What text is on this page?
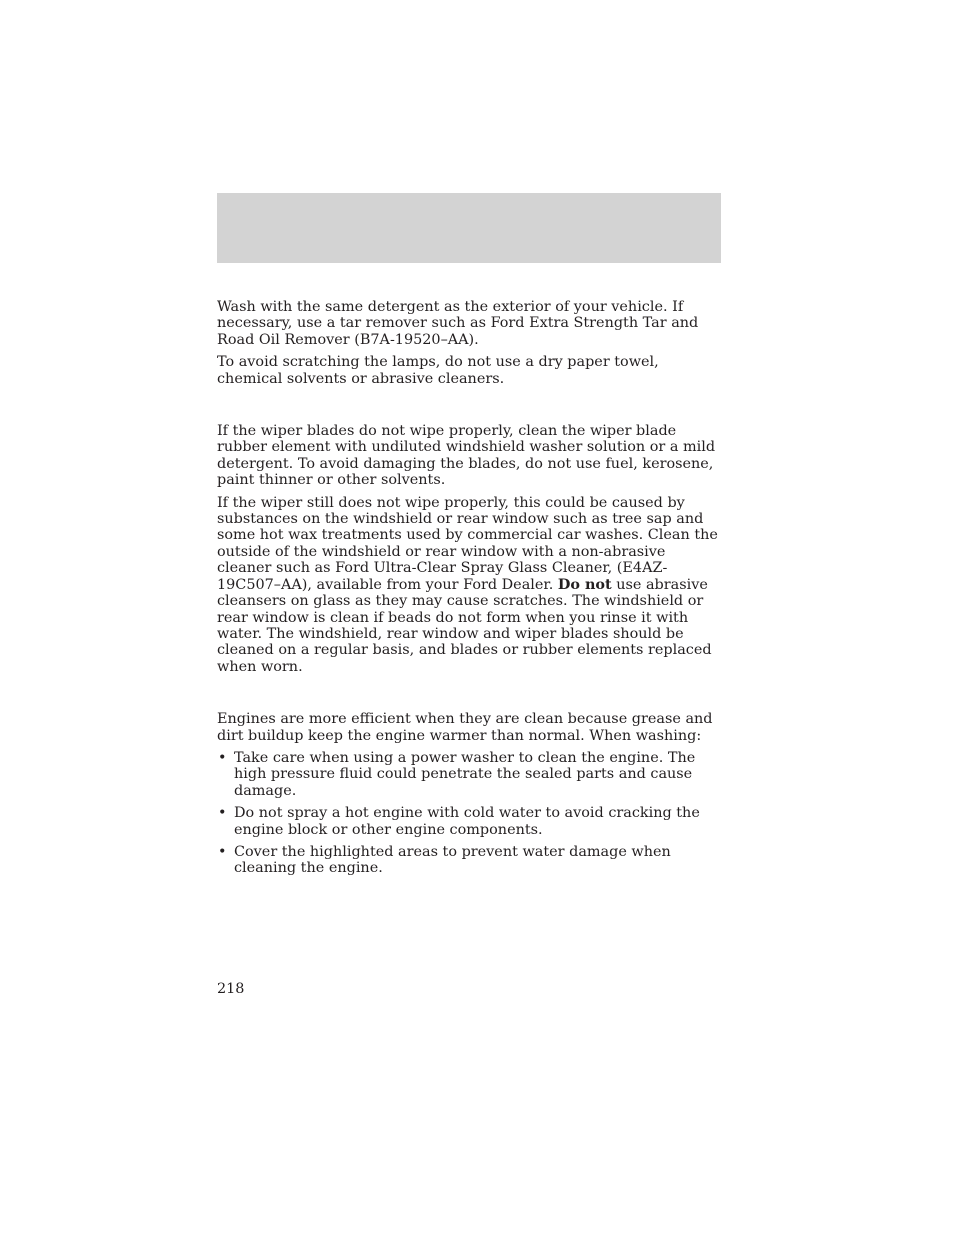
Wash with the same detergent as the exterior of your vehicle. If necessary, use a tar remover such as Ford Extra Strength Tar and Road Oil Remover (B7A-19520–AA).

To avoid scratching the lamps, do not use a dry paper towel, chemical solvents or abrasive cleaners.

If the wiper blades do not wipe properly, clean the wiper blade rubber element with undiluted windshield washer solution or a mild detergent. To avoid damaging the blades, do not use fuel, kerosene, paint thinner or other solvents.

If the wiper still does not wipe properly, this could be caused by substances on the windshield or rear window such as tree sap and some hot wax treatments used by commercial car washes. Clean the outside of the windshield or rear window with a non-abrasive cleaner such as Ford Ultra-Clear Spray Glass Cleaner, (E4AZ-19C507–AA), available from your Ford Dealer. Do not use abrasive cleansers on glass as they may cause scratches. The windshield or rear window is clean if beads do not form when you rinse it with water. The windshield, rear window and wiper blades should be cleaned on a regular basis, and blades or rubber elements replaced when worn.

Engines are more efficient when they are clean because grease and dirt buildup keep the engine warmer than normal. When washing:

• Take care when using a power washer to clean the engine. The high pressure fluid could penetrate the sealed parts and cause damage.
• Do not spray a hot engine with cold water to avoid cracking the engine block or other engine components.
• Cover the highlighted areas to prevent water damage when cleaning the engine.
218
